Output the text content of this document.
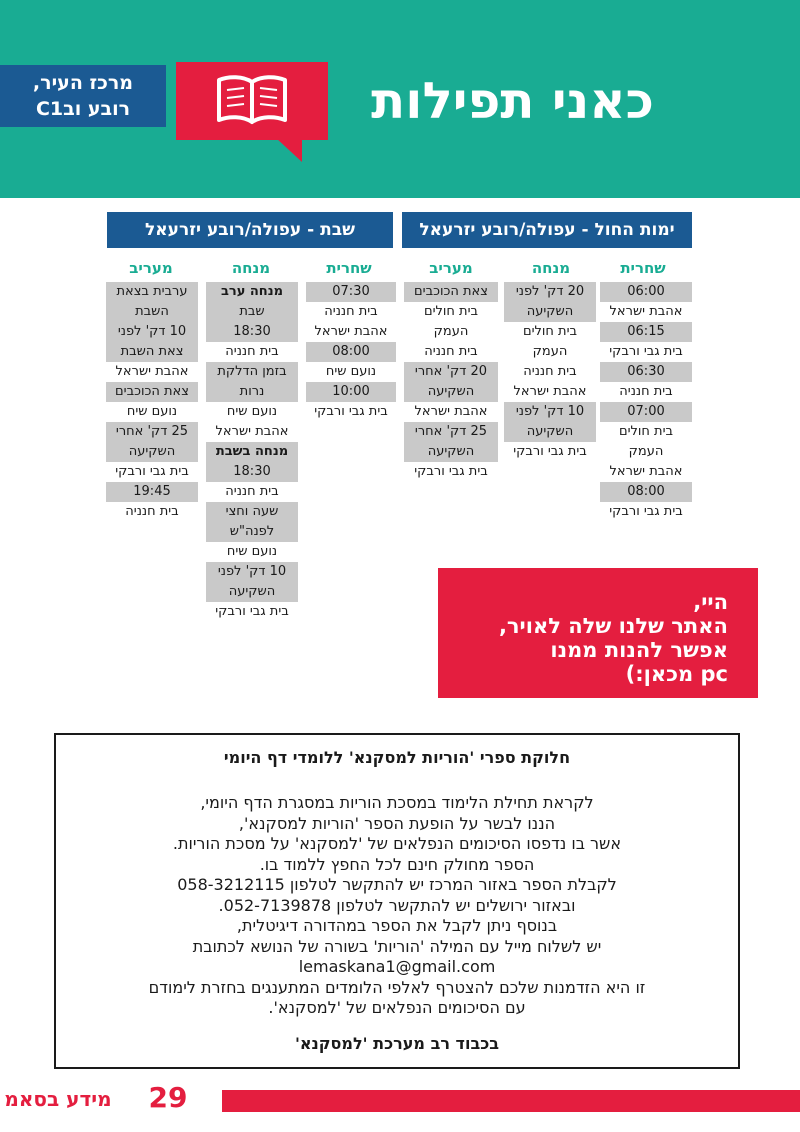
כאני תפילות
מרכז העיר,
רובע ובC1
ימות החול - עפולה/רובע יזרעאל
שבת - עפולה/רובע יזרעאל
שחרית
מנחה
מעריב
שחרית
מנחה
מעריב
06:00
אהבת ישראל
06:15
בית גבי ורבקי
06:30
בית חנניה
07:00
בית חולים
העמק
אהבת ישראל
08:00
בית גבי ורבקי
20 דק' לפני
השקיעה
בית חולים
העמק
בית חנניה
אהבת ישראל
10 דק' לפני
השקיעה
בית גבי ורבקי
צאת הכוכבים
בית חולים
העמק
בית חנניה
20 דק' אחרי
השקיעה
אהבת ישראל
25 דק' אחרי
השקיעה
בית גבי ורבקי
07:30
בית חנניה
אהבת ישראל
08:00
נועם שיח
10:00
בית גבי ורבקי
מנחה ערב
שבת
18:30
בית חנניה
בזמן הדלקת
נרות
נועם שיח
אהבת ישראל
מנחה בשבת
18:30
בית חנניה
שעה וחצי
לפנה"ש
נועם שיח
10 דק' לפני
השקיעה
בית גבי ורבקי
ערבית בצאת
השבת
10 דק' לפני
צאת השבת
אהבת ישראל
צאת הכוכבים
נועם שיח
25 דק' אחרי
השקיעה
בית גבי ורבקי
19:45
בית חנניה
היי,
האתר שלנו שלה לאויר,
אפשר להנות ממנו
pc מכאן:)
חלוקת ספרי 'הוריות למסקנא' ללומדי דף היומי
לקראת תחילת הלימוד במסכת הוריות במסגרת הדף היומי,
הננו לבשר על הופעת הספר 'הוריות למסקנא',
אשר בו נדפסו הסיכומים הנפלאים של 'למסקנא' על מסכת הוריות.
הספר מחולק חינם לכל החפץ ללמוד בו.
לקבלת הספר באזור המרכז יש להתקשר לטלפון 058-3212115
ובאזור ירושלים יש להתקשר לטלפון 052-7139878.
בנוסף ניתן לקבל את הספר במהדורה דיגיטלית,
יש לשלוח מייל עם המילה 'הוריות' בשורה של הנושא לכתובת
lemaskana1@gmail.com
זו היא הזדמנות שלכם להצטרף לאלפי הלומדים המתענגים בחזרת לימודם
עם הסיכומים הנפלאים של 'למסקנא'.
בכבוד רב מערכת 'למסקנא'
29
מידע בסאמ
